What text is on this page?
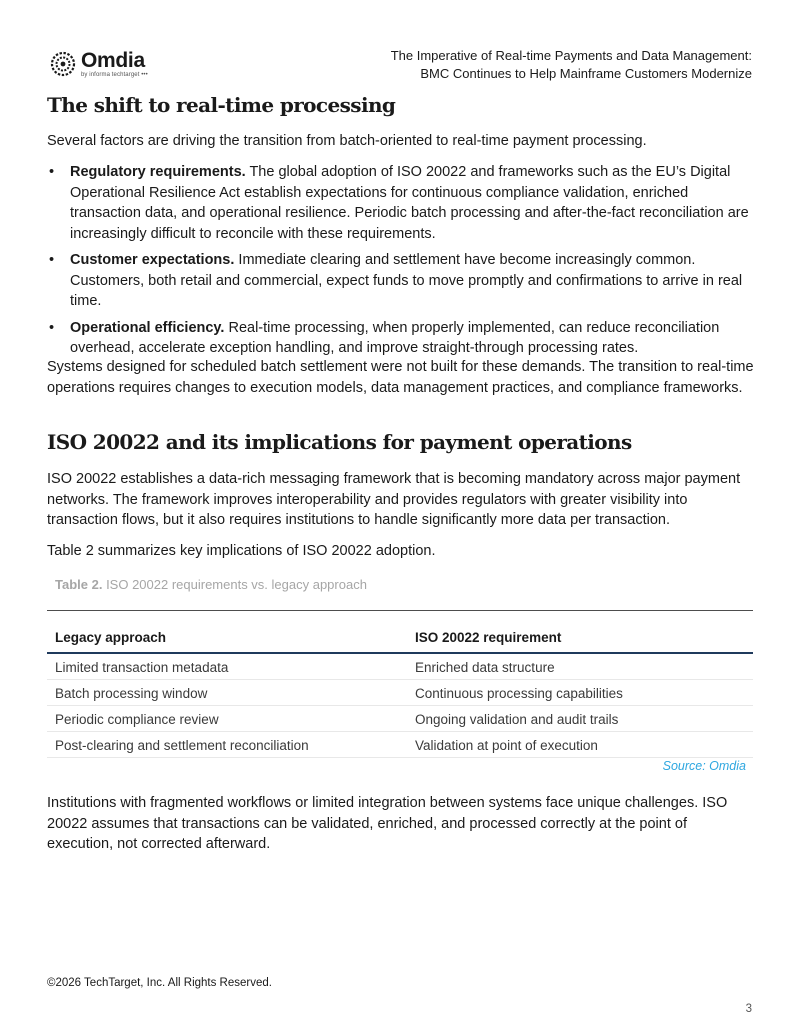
Omdia
by informa techtarget •••
The Imperative of Real-time Payments and Data Management:
BMC Continues to Help Mainframe Customers Modernize
The shift to real-time processing

Several factors are driving the transition from batch-oriented to real-time payment processing.

• Regulatory requirements. The global adoption of ISO 20022 and frameworks such as the EU’s Digital Operational Resilience Act establish expectations for continuous compliance validation, enriched transaction data, and operational resilience. Periodic batch processing and after-the-fact reconciliation are increasingly difficult to reconcile with these requirements.
• Customer expectations. Immediate clearing and settlement have become increasingly common. Customers, both retail and commercial, expect funds to move promptly and confirmations to arrive in real time.
• Operational efficiency. Real-time processing, when properly implemented, can reduce reconciliation overhead, accelerate exception handling, and improve straight-through processing rates.

Systems designed for scheduled batch settlement were not built for these demands. The transition to real-time operations requires changes to execution models, data management practices, and compliance frameworks.

ISO 20022 and its implications for payment operations

ISO 20022 establishes a data-rich messaging framework that is becoming mandatory across major payment networks. The framework improves interoperability and provides regulators with greater visibility into transaction flows, but it also requires institutions to handle significantly more data per transaction.

Table 2 summarizes key implications of ISO 20022 adoption.

Table 2. ISO 20022 requirements vs. legacy approach
Legacy approach	ISO 20022 requirement
Limited transaction metadata	Enriched data structure
Batch processing window	Continuous processing capabilities
Periodic compliance review	Ongoing validation and audit trails
Post-clearing and settlement reconciliation	Validation at point of execution
Source: Omdia

Institutions with fragmented workflows or limited integration between systems face unique challenges. ISO 20022 assumes that transactions can be validated, enriched, and processed correctly at the point of execution, not corrected afterward.

©2026 TechTarget, Inc. All Rights Reserved.
3
